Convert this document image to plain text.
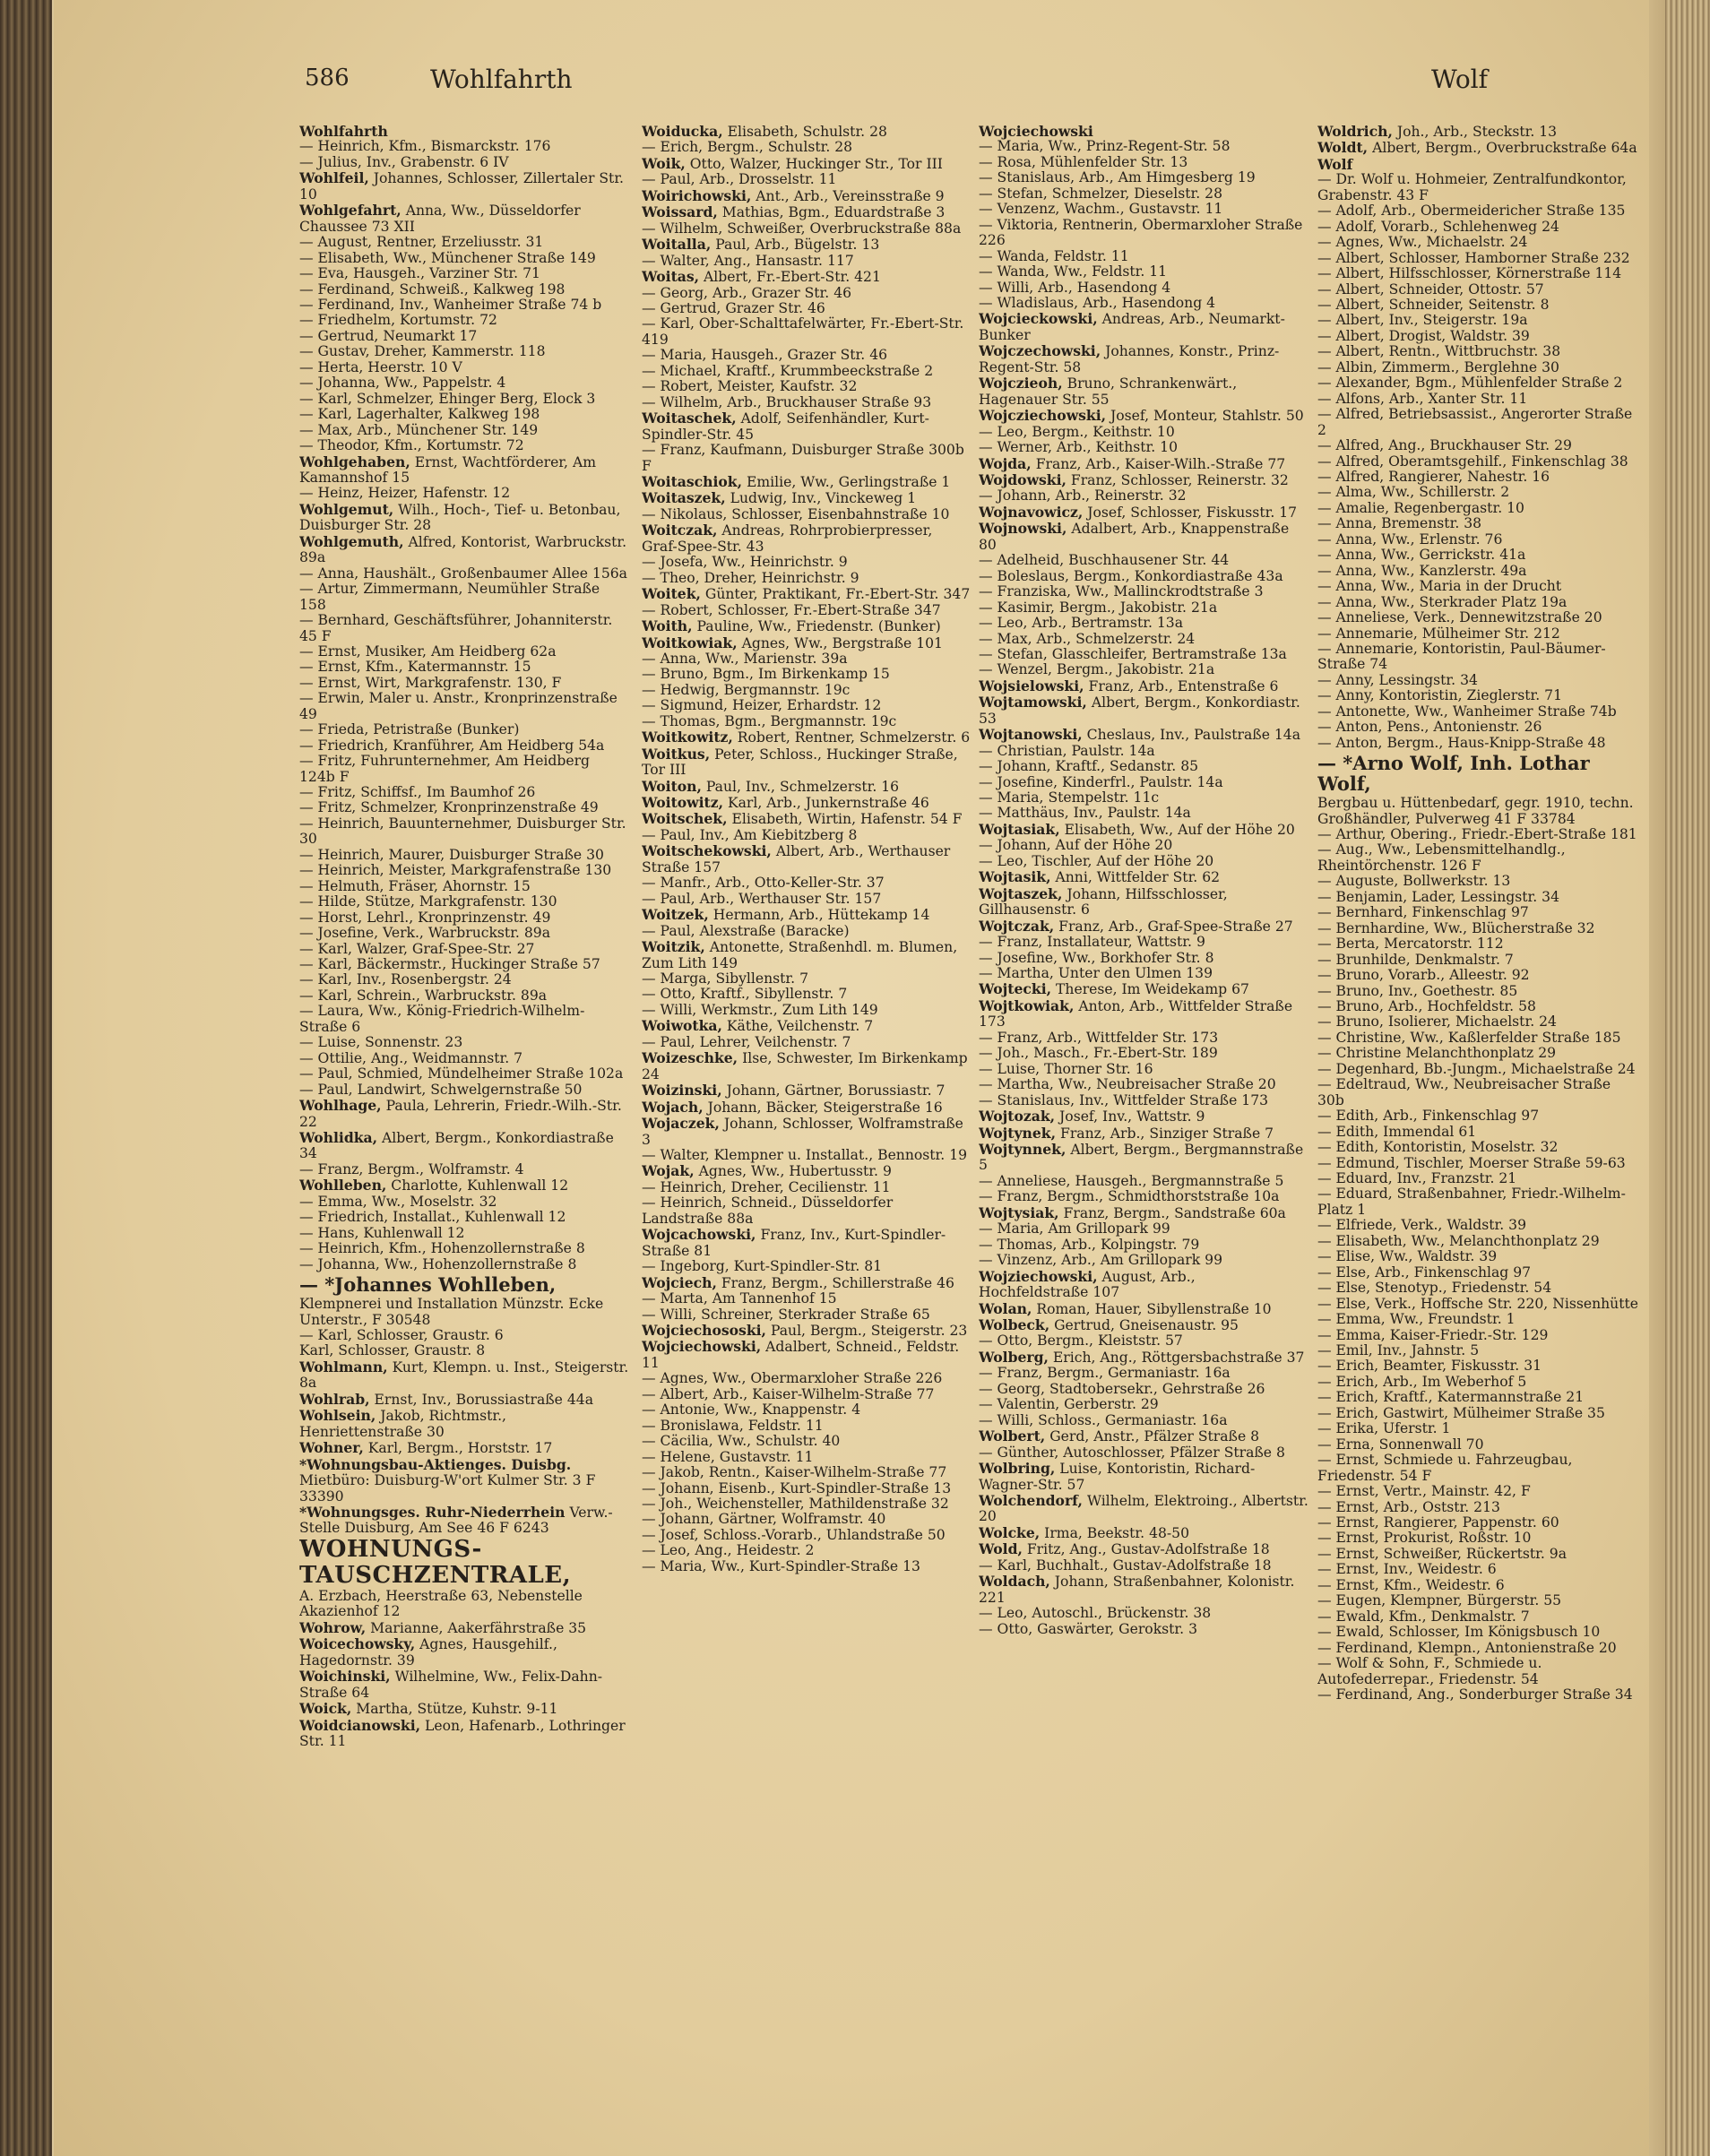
586	Wohlfahrth	Wolf
Wohlfahrth
— Heinrich, Kfm., Bismarckstr. 176
— Julius, Inv., Grabenstr. 6 IV
Wohlfeil, Johannes, Schlosser, Zillertaler Str. 10
Wohlgefahrt, Anna, Ww., Düsseldorfer Chaussee 73 XII
— August, Rentner, Erzeliusstr. 31
— Elisabeth, Ww., Münchener Straße 149
— Eva, Hausgeh., Varziner Str. 71
— Ferdinand, Schweiß., Kalkweg 198
— Ferdinand, Inv., Wanheimer Straße 74 b
— Friedhelm, Kortumstr. 72
— Gertrud, Neumarkt 17
— Gustav, Dreher, Kammerstr. 118
— Herta, Heerstr. 10 V
— Johanna, Ww., Pappelstr. 4
— Karl, Schmelzer, Ehinger Berg, Elock 3
— Karl, Lagerhalter, Kalkweg 198
— Max, Arb., Münchener Str. 149
— Theodor, Kfm., Kortumstr. 72
Wohlgehaben, Ernst, Wachtförderer, Am Kamannshof 15
— Heinz, Heizer, Hafenstr. 12
Wohlgemut, Wilh., Hoch-, Tief- u. Betonbau, Duisburger Str. 28
Wohlgemuth, Alfred, Kontorist, Warbruckstr. 89a
— Anna, Haushält., Großenbaumer Allee 156a
— Artur, Zimmermann, Neumühler Straße 158
— Bernhard, Geschäftsführer, Johanniterstr. 45 F
— Ernst, Musiker, Am Heidberg 62a
— Ernst, Kfm., Katermannstr. 15
— Ernst, Wirt, Markgrafenstr. 130, F
— Erwin, Maler u. Anstr., Kronprinzenstraße 49
— Frieda, Petristraße (Bunker)
— Friedrich, Kranführer, Am Heidberg 54a
— Fritz, Fuhrunternehmer, Am Heidberg 124b F
— Fritz, Schiffsf., Im Baumhof 26
— Fritz, Schmelzer, Kronprinzenstraße 49
— Heinrich, Bauunternehmer, Duisburger Str. 30
— Heinrich, Maurer, Duisburger Straße 30
— Heinrich, Meister, Markgrafenstraße 130
— Helmuth, Fräser, Ahornstr. 15
— Hilde, Stütze, Markgrafenstr. 130
— Horst, Lehrl., Kronprinzenstr. 49
— Josefine, Verk., Warbruckstr. 89a
— Karl, Walzer, Graf-Spee-Str. 27
— Karl, Bäckermstr., Huckinger Straße 57
— Karl, Inv., Rosenbergstr. 24
— Karl, Schrein., Warbruckstr. 89a
— Laura, Ww., König-Friedrich-Wilhelm-Straße 6
— Luise, Sonnenstr. 23
— Ottilie, Ang., Weidmannstr. 7
— Paul, Schmied, Mündelheimer Straße 102a
— Paul, Landwirt, Schwelgernstraße 50
Wohlhage, Paula, Lehrerin, Friedr.-Wilh.-Str. 22
Wohlidka, Albert, Bergm., Konkordiastraße 34
— Franz, Bergm., Wolframstr. 4
Wohlleben, Charlotte, Kuhlenwall 12
— Emma, Ww., Moselstr. 32
— Friedrich, Installat., Kuhlenwall 12
— Hans, Kuhlenwall 12
— Heinrich, Kfm., Hohenzollernstraße 8
— Johanna, Ww., Hohenzollernstraße 8
— *Johannes Wohlleben,
Klempnerei und Installation Münzstr. Ecke Unterstr., F 30548
— Karl, Schlosser, Graustr. 6
Karl, Schlosser, Graustr. 8
Wohlmann, Kurt, Klempn. u. Inst., Steigerstr. 8a
Wohlrab, Ernst, Inv., Borussiastraße 44a
Wohlsein, Jakob, Richtmstr., Henriettenstraße 30
Wohner, Karl, Bergm., Horststr. 17
*Wohnungsbau-Aktienges. Duisbg. Mietbüro: Duisburg-W'ort Kulmer Str. 3 F 33390
*Wohnungsges. Ruhr-Niederrhein Verw.-Stelle Duisburg, Am See 46 F 6243
WOHNUNGS-TAUSCHZENTRALE,
A. Erzbach, Heerstraße 63, Nebenstelle Akazienhof 12
Wohrow, Marianne, Aakerfährstraße 35
Woicechowsky, Agnes, Hausgehilf., Hagedornstr. 39
Woichinski, Wilhelmine, Ww., Felix-Dahn-Straße 64
Woick, Martha, Stütze, Kuhstr. 9-11
Woidcianowski, Leon, Hafenarb., Lothringer Str. 11
Woiducka, Elisabeth, Schulstr. 28
— Erich, Bergm., Schulstr. 28
Woik, Otto, Walzer, Huckinger Str., Tor III
— Paul, Arb., Drosselstr. 11
Woirichowski, Ant., Arb., Vereinsstraße 9
Woissard, Mathias, Bgm., Eduardstraße 3
— Wilhelm, Schweißer, Overbruckstraße 88a
Woitalla, Paul, Arb., Bügelstr. 13
— Walter, Ang., Hansastr. 117
Woitas, Albert, Fr.-Ebert-Str. 421
— Georg, Arb., Grazer Str. 46
— Gertrud, Grazer Str. 46
— Karl, Ober-Schalttafelwärter, Fr.-Ebert-Str. 419
— Maria, Hausgeh., Grazer Str. 46
— Michael, Kraftf., Krummbeeckstraße 2
— Robert, Meister, Kaufstr. 32
— Wilhelm, Arb., Bruckhauser Straße 93
Woitaschek, Adolf, Seifenhändler, Kurt-Spindler-Str. 45
— Franz, Kaufmann, Duisburger Straße 300b F
Woitaschiok, Emilie, Ww., Gerlingstraße 1
Woitaszek, Ludwig, Inv., Vinckeweg 1
— Nikolaus, Schlosser, Eisenbahnstraße 10
Woitczak, Andreas, Rohrprobierpresser, Graf-Spee-Str. 43
— Josefa, Ww., Heinrichstr. 9
— Theo, Dreher, Heinrichstr. 9
Woitek, Günter, Praktikant, Fr.-Ebert-Str. 347
— Robert, Schlosser, Fr.-Ebert-Straße 347
Woith, Pauline, Ww., Friedenstr. (Bunker)
Woitkowiak, Agnes, Ww., Bergstraße 101
— Anna, Ww., Marienstr. 39a
— Bruno, Bgm., Im Birkenkamp 15
— Hedwig, Bergmannstr. 19c
— Sigmund, Heizer, Erhardstr. 12
— Thomas, Bgm., Bergmannstr. 19c
Woitkowitz, Robert, Rentner, Schmelzerstr. 6
Woitkus, Peter, Schloss., Huckinger Straße, Tor III
Woiton, Paul, Inv., Schmelzerstr. 16
Woitowitz, Karl, Arb., Junkernstraße 46
Woitschek, Elisabeth, Wirtin, Hafenstr. 54 F
— Paul, Inv., Am Kiebitzberg 8
Woitschekowski, Albert, Arb., Werthauser Straße 157
— Manfr., Arb., Otto-Keller-Str. 37
— Paul, Arb., Werthauser Str. 157
Woitzek, Hermann, Arb., Hüttekamp 14
— Paul, Alexstraße (Baracke)
Woitzik, Antonette, Straßenhdl. m. Blumen, Zum Lith 149
— Marga, Sibyllenstr. 7
— Otto, Kraftf., Sibyllenstr. 7
— Willi, Werkmstr., Zum Lith 149
Woiwotka, Käthe, Veilchenstr. 7
— Paul, Lehrer, Veilchenstr. 7
Woizeschke, Ilse, Schwester, Im Birkenkamp 24
Woizinski, Johann, Gärtner, Borussiastr. 7
Wojach, Johann, Bäcker, Steigerstraße 16
Wojaczek, Johann, Schlosser, Wolframstraße 3
— Walter, Klempner u. Installat., Bennostr. 19
Wojak, Agnes, Ww., Hubertusstr. 9
— Heinrich, Dreher, Cecilienstr. 11
— Heinrich, Schneid., Düsseldorfer Landstraße 88a
Wojcachowski, Franz, Inv., Kurt-Spindler-Straße 81
— Ingeborg, Kurt-Spindler-Str. 81
Wojciech, Franz, Bergm., Schillerstraße 46
— Marta, Am Tannenhof 15
— Willi, Schreiner, Sterkrader Straße 65
Wojciechososki, Paul, Bergm., Steigerstr. 23
Wojciechowski, Adalbert, Schneid., Feldstr. 11
— Agnes, Ww., Obermarxloher Straße 226
— Albert, Arb., Kaiser-Wilhelm-Straße 77
— Antonie, Ww., Knappenstr. 4
— Bronislawa, Feldstr. 11
— Cäcilia, Ww., Schulstr. 40
— Helene, Gustavstr. 11
— Jakob, Rentn., Kaiser-Wilhelm-Straße 77
— Johann, Eisenb., Kurt-Spindler-Straße 13
— Joh., Weichensteller, Mathildenstraße 32
— Johann, Gärtner, Wolframstr. 40
— Josef, Schloss.-Vorarb., Uhlandstraße 50
— Leo, Ang., Heidestr. 2
— Maria, Ww., Kurt-Spindler-Straße 13
Wojciechowski
— Maria, Ww., Prinz-Regent-Str. 58
— Rosa, Mühlenfelder Str. 13
— Stanislaus, Arb., Am Himgesberg 19
— Stefan, Schmelzer, Dieselstr. 28
— Venzenz, Wachm., Gustavstr. 11
— Viktoria, Rentnerin, Obermarxloher Straße 226
— Wanda, Feldstr. 11
— Wanda, Ww., Feldstr. 11
— Willi, Arb., Hasendong 4
— Wladislaus, Arb., Hasendong 4
Wojcieckowski, Andreas, Arb., Neumarkt-Bunker
Wojczechowski, Johannes, Konstr., Prinz-Regent-Str. 58
Wojczieoh, Bruno, Schrankenwärt., Hagenauer Str. 55
Wojcziechowski, Josef, Monteur, Stahlstr. 50
— Leo, Bergm., Keithstr. 10
— Werner, Arb., Keithstr. 10
Wojda, Franz, Arb., Kaiser-Wilh.-Straße 77
Wojdowski, Franz, Schlosser, Reinerstr. 32
— Johann, Arb., Reinerstr. 32
Wojnavowicz, Josef, Schlosser, Fiskusstr. 17
Wojnowski, Adalbert, Arb., Knappenstraße 80
— Adelheid, Buschhausener Str. 44
— Boleslaus, Bergm., Konkordiastraße 43a
— Franziska, Ww., Mallinckrodtstraße 3
— Kasimir, Bergm., Jakobistr. 21a
— Leo, Arb., Bertramstr. 13a
— Max, Arb., Schmelzerstr. 24
— Stefan, Glasschleifer, Bertramstraße 13a
— Wenzel, Bergm., Jakobistr. 21a
Wojsielowski, Franz, Arb., Entenstraße 6
Wojtamowski, Albert, Bergm., Konkordiastr. 53
Wojtanowski, Cheslaus, Inv., Paulstraße 14a
— Christian, Paulstr. 14a
— Johann, Kraftf., Sedanstr. 85
— Josefine, Kinderfrl., Paulstr. 14a
— Maria, Stempelstr. 11c
— Matthäus, Inv., Paulstr. 14a
Wojtasiak, Elisabeth, Ww., Auf der Höhe 20
— Johann, Auf der Höhe 20
— Leo, Tischler, Auf der Höhe 20
Wojtasik, Anni, Wittfelder Str. 62
Wojtaszek, Johann, Hilfsschlosser, Gillhausenstr. 6
Wojtczak, Franz, Arb., Graf-Spee-Straße 27
— Franz, Installateur, Wattstr. 9
— Josefine, Ww., Borkhofer Str. 8
— Martha, Unter den Ulmen 139
Wojtecki, Therese, Im Weidekamp 67
Wojtkowiak, Anton, Arb., Wittfelder Straße 173
— Franz, Arb., Wittfelder Str. 173
— Joh., Masch., Fr.-Ebert-Str. 189
— Luise, Thorner Str. 16
— Martha, Ww., Neubreisacher Straße 20
— Stanislaus, Inv., Wittfelder Straße 173
Wojtozak, Josef, Inv., Wattstr. 9
Wojtynek, Franz, Arb., Sinziger Straße 7
Wojtynnek, Albert, Bergm., Bergmannstraße 5
— Anneliese, Hausgeh., Bergmannstraße 5
— Franz, Bergm., Schmidthorststraße 10a
Wojtysiak, Franz, Bergm., Sandstraße 60a
— Maria, Am Grillopark 99
— Thomas, Arb., Kolpingstr. 79
— Vinzenz, Arb., Am Grillopark 99
Wojziechowski, August, Arb., Hochfeldstraße 107
Wolan, Roman, Hauer, Sibyllenstraße 10
Wolbeck, Gertrud, Gneisenaustr. 95
— Otto, Bergm., Kleiststr. 57
Wolberg, Erich, Ang., Röttgersbachstraße 37
— Franz, Bergm., Germaniastr. 16a
— Georg, Stadtobersekr., Gehrstraße 26
— Valentin, Gerberstr. 29
— Willi, Schloss., Germaniastr. 16a
Wolbert, Gerd, Anstr., Pfälzer Straße 8
— Günther, Autoschlosser, Pfälzer Straße 8
Wolbring, Luise, Kontoristin, Richard-Wagner-Str. 57
Wolchendorf, Wilhelm, Elektroing., Albertstr. 20
Wolcke, Irma, Beekstr. 48-50
Wold, Fritz, Ang., Gustav-Adolfstraße 18
— Karl, Buchhalt., Gustav-Adolfstraße 18
Woldach, Johann, Straßenbahner, Kolonistr. 221
— Leo, Autoschl., Brückenstr. 38
— Otto, Gaswärter, Gerokstr. 3
Woldrich, Joh., Arb., Steckstr. 13
Woldt, Albert, Bergm., Overbruckstraße 64a
Wolf
— Dr. Wolf u. Hohmeier, Zentralfundkontor, Grabenstr. 43 F
— Adolf, Arb., Obermeidericher Straße 135
— Adolf, Vorarb., Schlehenweg 24
— Agnes, Ww., Michaelstr. 24
— Albert, Schlosser, Hamborner Straße 232
— Albert, Hilfsschlosser, Körnerstraße 114
— Albert, Schneider, Ottostr. 57
— Albert, Schneider, Seitenstr. 8
— Albert, Inv., Steigerstr. 19a
— Albert, Drogist, Waldstr. 39
— Albert, Rentn., Wittbruchstr. 38
— Albin, Zimmerm., Berglehne 30
— Alexander, Bgm., Mühlenfelder Straße 2
— Alfons, Arb., Xanter Str. 11
— Alfred, Betriebsassist., Angerorter Straße 2
— Alfred, Ang., Bruckhauser Str. 29
— Alfred, Oberamtsgehilf., Finkenschlag 38
— Alfred, Rangierer, Nahestr. 16
— Alma, Ww., Schillerstr. 2
— Amalie, Regenbergastr. 10
— Anna, Bremenstr. 38
— Anna, Ww., Erlenstr. 76
— Anna, Ww., Gerrickstr. 41a
— Anna, Ww., Kanzlerstr. 49a
— Anna, Ww., Maria in der Drucht
— Anna, Ww., Sterkrader Platz 19a
— Anneliese, Verk., Dennewitzstraße 20
— Annemarie, Mülheimer Str. 212
— Annemarie, Kontoristin, Paul-Bäumer-Straße 74
— Anny, Lessingstr. 34
— Anny, Kontoristin, Zieglerstr. 71
— Antonette, Ww., Wanheimer Straße 74b
— Anton, Pens., Antonienstr. 26
— Anton, Bergm., Haus-Knipp-Straße 48
— *Arno Wolf, Inh. Lothar Wolf,
Bergbau u. Hüttenbedarf, gegr. 1910, techn. Großhändler, Pulverweg 41 F 33784
— Arthur, Obering., Friedr.-Ebert-Straße 181
— Aug., Ww., Lebensmittelhandlg., Rheintörchenstr. 126 F
— Auguste, Bollwerkstr. 13
— Benjamin, Lader, Lessingstr. 34
— Bernhard, Finkenschlag 97
— Bernhardine, Ww., Blücherstraße 32
— Berta, Mercatorstr. 112
— Brunhilde, Denkmalstr. 7
— Bruno, Vorarb., Alleestr. 92
— Bruno, Inv., Goethestr. 85
— Bruno, Arb., Hochfeldstr. 58
— Bruno, Isolierer, Michaelstr. 24
— Christine, Ww., Kaßlerfelder Straße 185
— Christine Melanchthonplatz 29
— Degenhard, Bb.-Jungm., Michaelstraße 24
— Edeltraud, Ww., Neubreisacher Straße 30b
— Edith, Arb., Finkenschlag 97
— Edith, Immendal 61
— Edith, Kontoristin, Moselstr. 32
— Edmund, Tischler, Moerser Straße 59-63
— Eduard, Inv., Franzstr. 21
— Eduard, Straßenbahner, Friedr.-Wilhelm-Platz 1
— Elfriede, Verk., Waldstr. 39
— Elisabeth, Ww., Melanchthonplatz 29
— Elise, Ww., Waldstr. 39
— Else, Arb., Finkenschlag 97
— Else, Stenotyp., Friedenstr. 54
— Else, Verk., Hoffsche Str. 220, Nissenhütte
— Emma, Ww., Freundstr. 1
— Emma, Kaiser-Friedr.-Str. 129
— Emil, Inv., Jahnstr. 5
— Erich, Beamter, Fiskusstr. 31
— Erich, Arb., Im Weberhof 5
— Erich, Kraftf., Katermannstraße 21
— Erich, Gastwirt, Mülheimer Straße 35
— Erika, Uferstr. 1
— Erna, Sonnenwall 70
— Ernst, Schmiede u. Fahrzeugbau, Friedenstr. 54 F
— Ernst, Vertr., Mainstr. 42, F
— Ernst, Arb., Oststr. 213
— Ernst, Rangierer, Pappenstr. 60
— Ernst, Prokurist, Roßstr. 10
— Ernst, Schweißer, Rückertstr. 9a
— Ernst, Inv., Weidestr. 6
— Ernst, Kfm., Weidestr. 6
— Eugen, Klempner, Bürgerstr. 55
— Ewald, Kfm., Denkmalstr. 7
— Ewald, Schlosser, Im Königsbusch 10
— Ferdinand, Klempn., Antonienstraße 20
— Wolf & Sohn, F., Schmiede u. Autofederrepar., Friedenstr. 54
— Ferdinand, Ang., Sonderburger Straße 34
